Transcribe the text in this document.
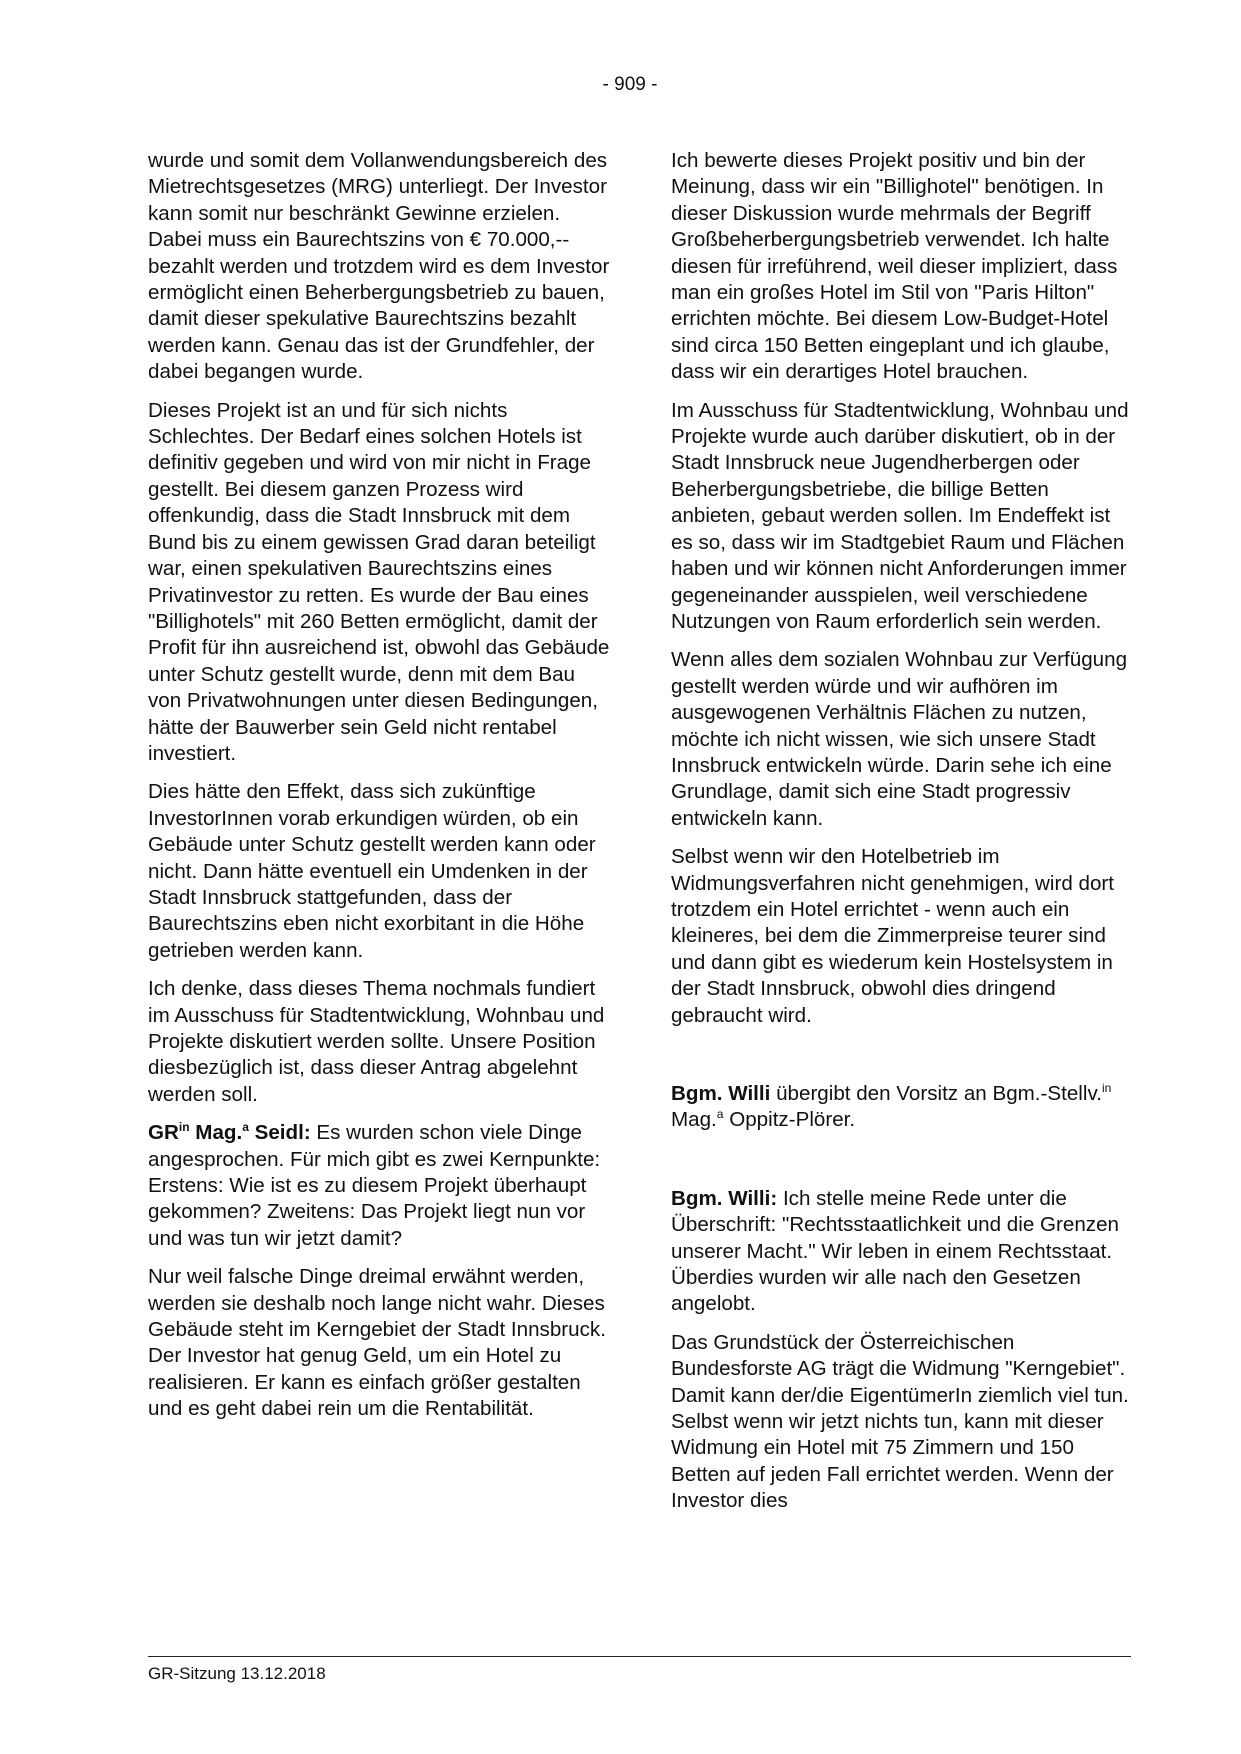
- 909 -

wurde und somit dem Vollanwendungsbereich des Mietrechtsgesetzes (MRG) unterliegt. Der Investor kann somit nur beschränkt Gewinne erzielen. Dabei muss ein Baurechtszins von € 70.000,-- bezahlt werden und trotzdem wird es dem Investor ermöglicht einen Beherbergungsbetrieb zu bauen, damit dieser spekulative Baurechtszins bezahlt werden kann. Genau das ist der Grundfehler, der dabei begangen wurde.

Dieses Projekt ist an und für sich nichts Schlechtes. Der Bedarf eines solchen Hotels ist definitiv gegeben und wird von mir nicht in Frage gestellt. Bei diesem ganzen Prozess wird offenkundig, dass die Stadt Innsbruck mit dem Bund bis zu einem gewissen Grad daran beteiligt war, einen spekulativen Baurechtszins eines Privatinvestor zu retten. Es wurde der Bau eines "Billighotels" mit 260 Betten ermöglicht, damit der Profit für ihn ausreichend ist, obwohl das Gebäude unter Schutz gestellt wurde, denn mit dem Bau von Privatwohnungen unter diesen Bedingungen, hätte der Bauwerber sein Geld nicht rentabel investiert.

Dies hätte den Effekt, dass sich zukünftige InvestorInnen vorab erkundigen würden, ob ein Gebäude unter Schutz gestellt werden kann oder nicht. Dann hätte eventuell ein Umdenken in der Stadt Innsbruck stattgefunden, dass der Baurechtszins eben nicht exorbitant in die Höhe getrieben werden kann.

Ich denke, dass dieses Thema nochmals fundiert im Ausschuss für Stadtentwicklung, Wohnbau und Projekte diskutiert werden sollte. Unsere Position diesbezüglich ist, dass dieser Antrag abgelehnt werden soll.

$GR^{in}$ Mag.$^a$ Seidl: Es wurden schon viele Dinge angesprochen. Für mich gibt es zwei Kernpunkte: Erstens: Wie ist es zu diesem Projekt überhaupt gekommen? Zweitens: Das Projekt liegt nun vor und was tun wir jetzt damit?

Nur weil falsche Dinge dreimal erwähnt werden, werden sie deshalb noch lange nicht wahr. Dieses Gebäude steht im Kerngebiet der Stadt Innsbruck. Der Investor hat genug Geld, um ein Hotel zu realisieren. Er kann es einfach größer gestalten und es geht dabei rein um die Rentabilität.

Ich bewerte dieses Projekt positiv und bin der Meinung, dass wir ein "Billighotel" benötigen. In dieser Diskussion wurde mehrmals der Begriff Großbeherbergungsbetrieb verwendet. Ich halte diesen für irreführend, weil dieser impliziert, dass man ein großes Hotel im Stil von "Paris Hilton" errichten möchte. Bei diesem Low-Budget-Hotel sind circa 150 Betten eingeplant und ich glaube, dass wir ein derartiges Hotel brauchen.

Im Ausschuss für Stadtentwicklung, Wohnbau und Projekte wurde auch darüber diskutiert, ob in der Stadt Innsbruck neue Jugendherbergen oder Beherbergungsbetriebe, die billige Betten anbieten, gebaut werden sollen. Im Endeffekt ist es so, dass wir im Stadtgebiet Raum und Flächen haben und wir können nicht Anforderungen immer gegeneinander ausspielen, weil verschiedene Nutzungen von Raum erforderlich sein werden.

Wenn alles dem sozialen Wohnbau zur Verfügung gestellt werden würde und wir aufhören im ausgewogenen Verhältnis Flächen zu nutzen, möchte ich nicht wissen, wie sich unsere Stadt Innsbruck entwickeln würde. Darin sehe ich eine Grundlage, damit sich eine Stadt progressiv entwickeln kann.

Selbst wenn wir den Hotelbetrieb im Widmungsverfahren nicht genehmigen, wird dort trotzdem ein Hotel errichtet - wenn auch ein kleineres, bei dem die Zimmerpreise teurer sind und dann gibt es wiederum kein Hostelsystem in der Stadt Innsbruck, obwohl dies dringend gebraucht wird.

Bgm. Willi übergibt den Vorsitz an Bgm.-Stellv.$^{in}$ Mag.$^a$ Oppitz-Plörer.

Bgm. Willi: Ich stelle meine Rede unter die Überschrift: "Rechtsstaatlichkeit und die Grenzen unserer Macht." Wir leben in einem Rechtsstaat. Überdies wurden wir alle nach den Gesetzen angelobt.

Das Grundstück der Österreichischen Bundesforste AG trägt die Widmung "Kerngebiet". Damit kann der/die EigentümerIn ziemlich viel tun. Selbst wenn wir jetzt nichts tun, kann mit dieser Widmung ein Hotel mit 75 Zimmern und 150 Betten auf jeden Fall errichtet werden. Wenn der Investor dies

GR-Sitzung 13.12.2018
